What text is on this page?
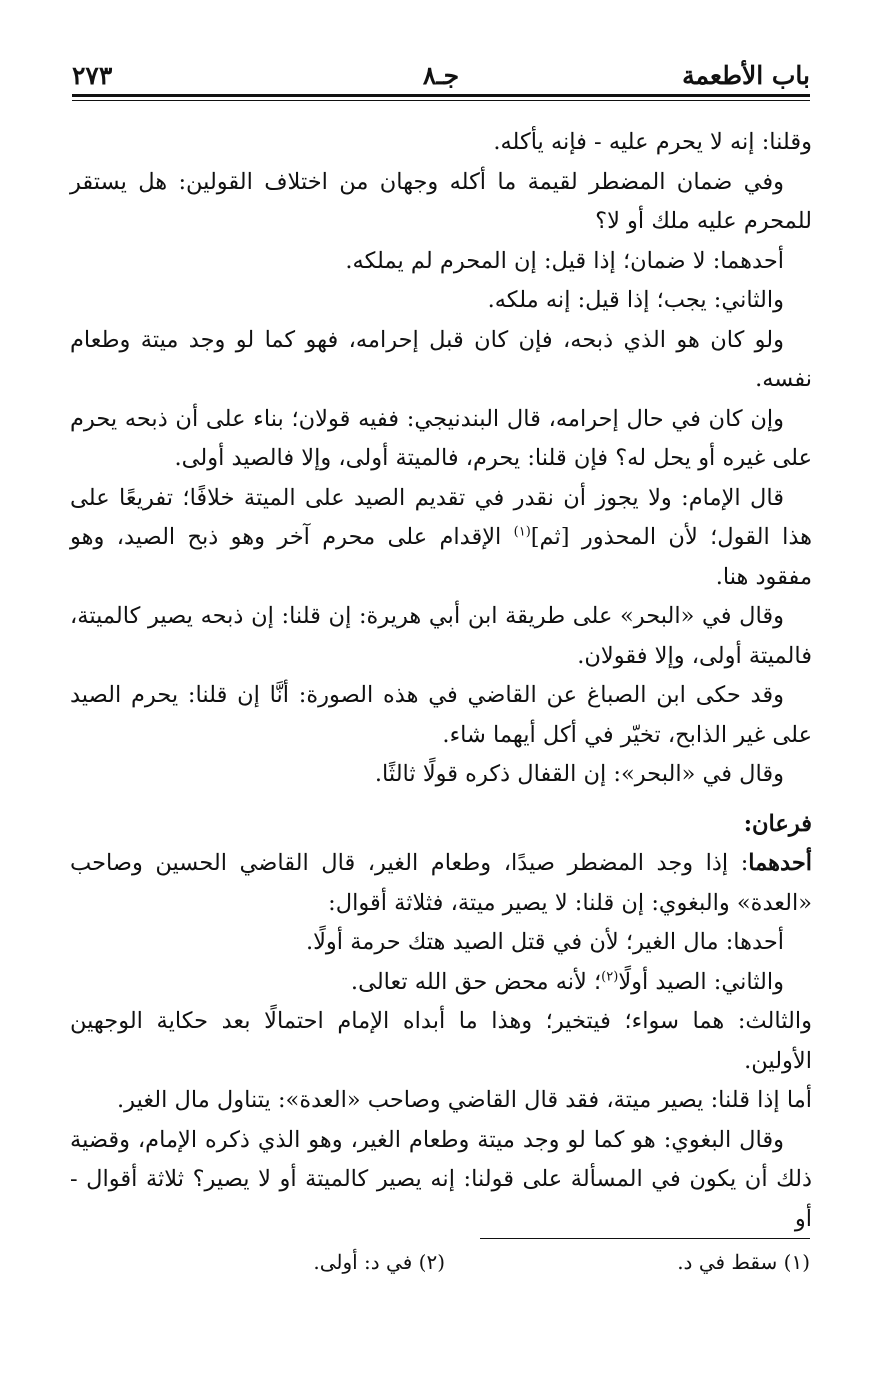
باب الأطعمة
جـ٨
٢٧٣

وقلنا: إنه لا يحرم عليه - فإنه يأكله.

وفي ضمان المضطر لقيمة ما أكله وجهان من اختلاف القولين: هل يستقر للمحرم عليه ملك أو لا؟

أحدهما: لا ضمان؛ إذا قيل: إن المحرم لم يملكه.

والثاني: يجب؛ إذا قيل: إنه ملكه.

ولو كان هو الذي ذبحه، فإن كان قبل إحرامه، فهو كما لو وجد ميتة وطعام نفسه.

وإن كان في حال إحرامه، قال البندنيجي: ففيه قولان؛ بناء على أن ذبحه يحرم على غيره أو يحل له؟ فإن قلنا: يحرم، فالميتة أولى، وإلا فالصيد أولى.

قال الإمام: ولا يجوز أن نقدر في تقديم الصيد على الميتة خلافًا؛ تفريعًا على هذا القول؛ لأن المحذور [ثم]$^{(١)}$ الإقدام على محرم آخر وهو ذبح الصيد، وهو مفقود هنا.

وقال في «البحر» على طريقة ابن أبي هريرة: إن قلنا: إن ذبحه يصير كالميتة، فالميتة أولى، وإلا فقولان.

وقد حكى ابن الصباغ عن القاضي في هذه الصورة: أنَّا إن قلنا: يحرم الصيد على غير الذابح، تخيّر في أكل أيهما شاء.

وقال في «البحر»: إن القفال ذكره قولًا ثالثًا.

فرعان:

أحدهما: إذا وجد المضطر صيدًا، وطعام الغير، قال القاضي الحسين وصاحب «العدة» والبغوي: إن قلنا: لا يصير ميتة، فثلاثة أقوال:

أحدها: مال الغير؛ لأن في قتل الصيد هتك حرمة أولًا.

والثاني: الصيد أولًا$^{(٢)}$؛ لأنه محض حق الله تعالى.

والثالث: هما سواء؛ فيتخير؛ وهذا ما أبداه الإمام احتمالًا بعد حكاية الوجهين الأولين.

أما إذا قلنا: يصير ميتة، فقد قال القاضي وصاحب «العدة»: يتناول مال الغير.

وقال البغوي: هو كما لو وجد ميتة وطعام الغير، وهو الذي ذكره الإمام، وقضية ذلك أن يكون في المسألة على قولنا: إنه يصير كالميتة أو لا يصير؟ ثلاثة أقوال - أو

(١) سقط في د.
(٢) في د: أولى.
